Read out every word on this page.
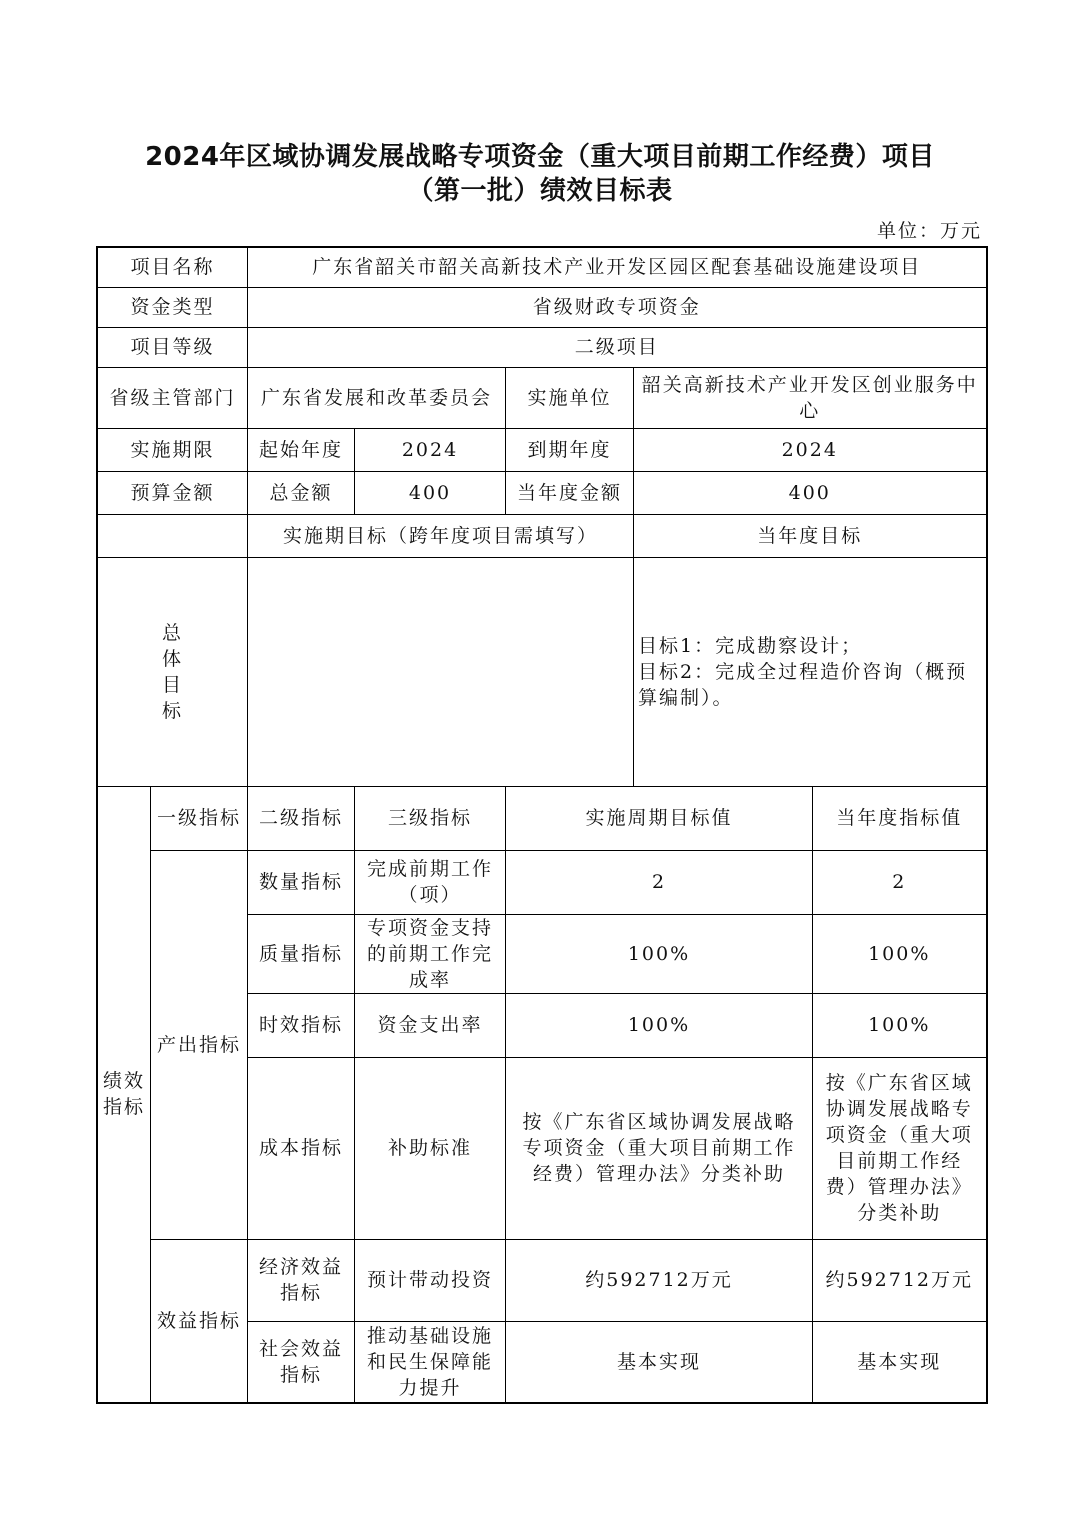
2024年区域协调发展战略专项资金（重大项目前期工作经费）项目
（第一批）绩效目标表
单位：万元
项目名称		广东省韶关市韶关高新技术产业开发区园区配套基础设施建设项目				
资金类型		省级财政专项资金				
项目等级		二级项目				
省级主管部门		广东省发展和改革委员会		实施单位	韶关高新技术产业开发区创业服务中心	
实施期限		起始年度	2024	到期年度	2024	
预算金额		总金额	400	当年度金额	400	
		实施期目标（跨年度项目需填写）			当年度目标	
总体目标					目标1：完成勘察设计；
目标2：完成全过程造价咨询（概预算编制）。	

绩效指标	一级指标	二级指标	三级指标	实施周期目标值		当年度指标值
	产出指标	数量指标	完成前期工作（项）	2		2
		质量指标	专项资金支持的前期工作完成率	100%		100%
		时效指标	资金支出率	100%		100%
		成本指标	补助标准	按《广东省区域协调发展战略专项资金（重大项目前期工作经费）管理办法》分类补助		按《广东省区域协调发展战略专项资金（重大项目前期工作经费）管理办法》分类补助
	效益指标	经济效益指标	预计带动投资	约592712万元		约592712万元
		社会效益指标	推动基础设施和民生保障能力提升	基本实现		基本实现
